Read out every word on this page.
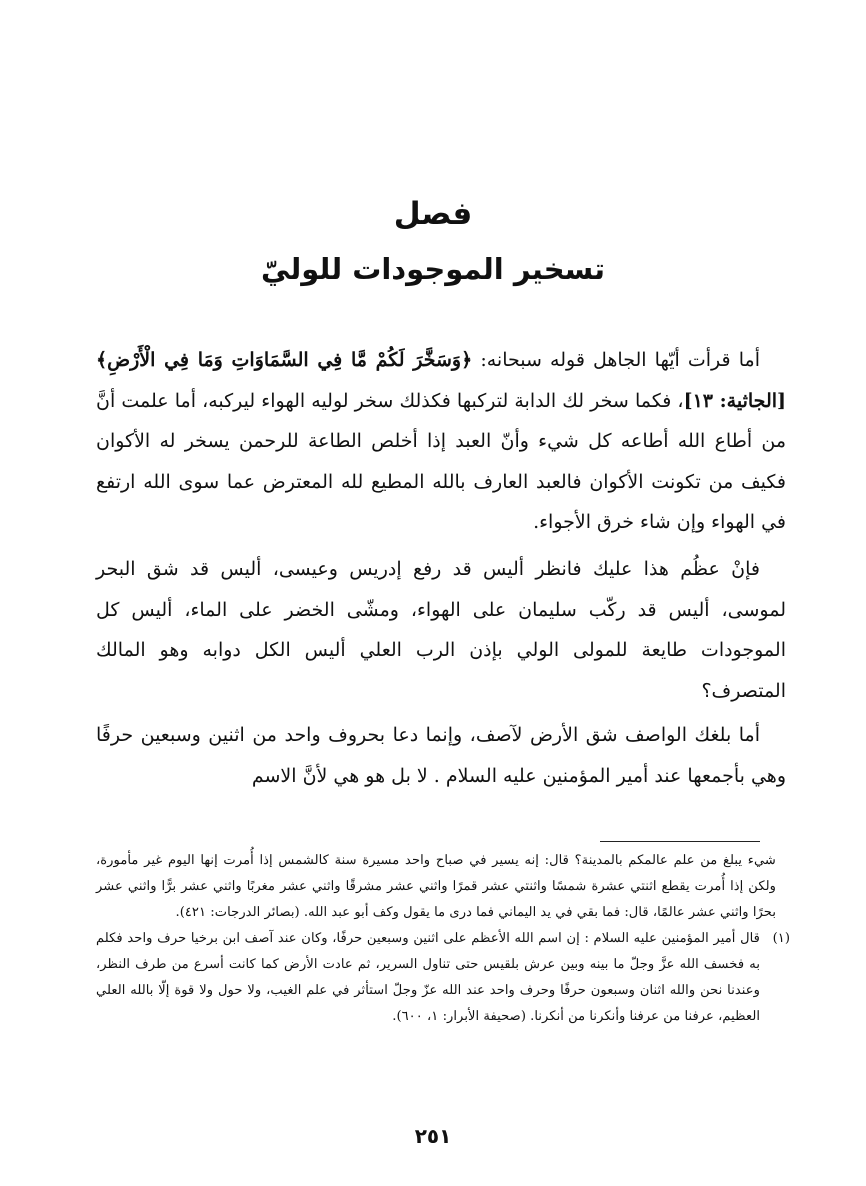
فصل
تسخير الموجودات للوليّ

أما قرأت أيّها الجاهل قوله سبحانه: ﴿وَسَخَّرَ لَكُمْ مَّا فِي السَّمَاوَاتِ وَمَا فِي الْأَرْضِ﴾ [الجاثية: ١٣]، فكما سخر لك الدابة لتركبها فكذلك سخر لوليه الهواء ليركبه، أما علمت أنَّ من أطاع الله أطاعه كل شيء وأنّ العبد إذا أخلص الطاعة للرحمن يسخر له الأكوان فكيف من تكونت الأكوان فالعبد العارف بالله المطيع لله المعترض عما سوى الله ارتفع في الهواء وإن شاء خرق الأجواء.

فإنْ عظُم هذا عليك فانظر أليس قد رفع إدريس وعيسى، أليس قد شق البحر لموسى، أليس قد ركّب سليمان على الهواء، ومشّى الخضر على الماء، أليس كل الموجودات طايعة للمولى الولي بإذن الرب العلي أليس الكل دوابه وهو المالك المتصرف؟

أما بلغك الواصف شق الأرض لآصف، وإنما دعا بحروف واحد من اثنين وسبعين حرفًا وهي بأجمعها عند أمير المؤمنين عليه السلام . لا بل هو هي لأنَّ الاسم

شيء يبلغ من علم عالمكم بالمدينة؟ قال: إنه يسير في صباح واحد مسيرة سنة كالشمس إذا أُمرت إنها اليوم غير مأمورة، ولكن إذا أُمرت يقطع اثنتي عشرة شمسًا واثنتي عشر قمرًا واثني عشر مشرقًا واثني عشر مغربًا واثني عشر برًّا واثني عشر بحرًا واثني عشر عالمًا، قال: فما بقي في يد اليماني فما درى ما يقول وكف أبو عبد الله. (بصائر الدرجات: ٤٢١).

(١)

قال أمير المؤمنين عليه السلام : إن اسم الله الأعظم على اثنين وسبعين حرفًا، وكان عند آصف ابن برخيا حرف واحد فكلم به فخسف الله عزَّ وجلّ ما بينه وبين عرش بلقيس حتى تناول السرير، ثم عادت الأرض كما كانت أسرع من طرف النظر، وعندنا نحن والله اثنان وسبعون حرفًا وحرف واحد عند الله عزّ وجلّ استأثر في علم الغيب، ولا حول ولا قوة إلّا بالله العلي العظيم، عرفنا من عرفنا وأنكرنا من أنكرنا. (صحيفة الأبرار: ١، ٦٠٠).

٢٥١
